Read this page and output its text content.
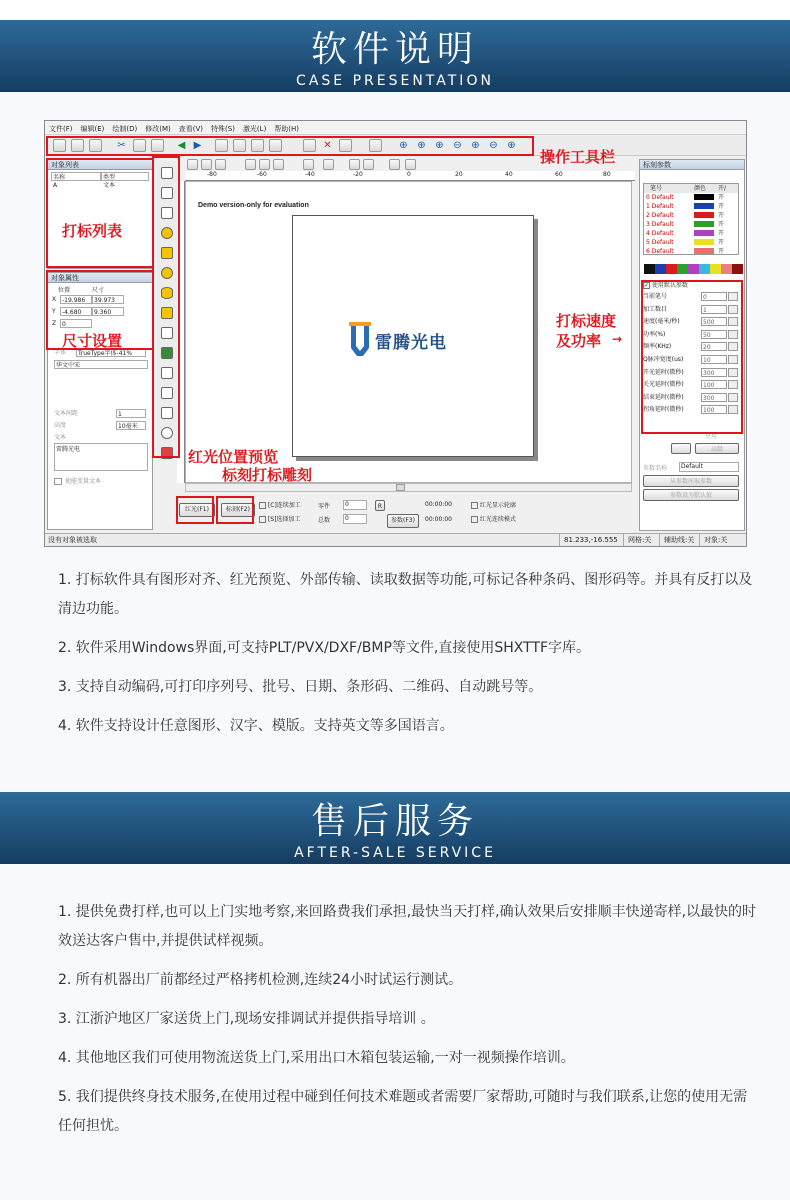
软件说明
CASE PRESENTATION
文件(F) 编辑(E) 绘制(D) 修改(M) 查看(V) 特殊(S) 激光(L) 帮助(H)
✂	◀ ▶	✕	⊕ ⊕ ⊕ ⊖ ⊕ ⊖ ⊕
对象列表
名称	类型
A	文本
对象属性
位置	尺寸
X -19.986	39.973
Y	-4.680	9.360
Z 0
字体	TrueType字体-41%
华文中宋
文本间距	1
高度	10毫米
文本
雷腾光电
使能变量文本
-80	-60	-40	-20	0	20	40	60	80
Demo version-only for evaluation
雷腾光电
红光(F1)	标刻(F2)
[C]连续加工
[S]选择加工
零件
总数
0
0
R	00:00:00
00:00:00
参数(F3)
红光显示轮廓
红光连续模式
标刻参数
笔号	颜色	开/
0 Default	开
1 Default	开
2 Default	开
3 Default	开
4 Default	开
5 Default	开
6 Default	开
✓ 使用默认参数
应用
高级
参数名称	Default
从参数库取参数
参数设为默认值
没有对象被选取	81.233,-16.555	网格:关	辅助线:关	对象:关
当前笔号	0
加工数目	1
速度(毫米/秒)	500
功率(%)	50
频率(KHz)	20
Q脉冲宽度(us)	10
开光延时(微秒)	300
关光延时(微秒)	100
结束延时(微秒)	300
拐角延时(微秒)	100
操作工具栏
打标列表
尺寸设置
打标速度
及功率 →
红光位置预览
标刻打标雕刻
1. 打标软件具有图形对齐、红光预览、外部传输、读取数据等功能,可标记各种条码、图形码等。并具有反打以及清边功能。
2. 软件采用Windows界面,可支持PLT/PVX/DXF/BMP等文件,直接使用SHXTTF字库。
3. 支持自动编码,可打印序列号、批号、日期、条形码、二维码、自动跳号等。
4. 软件支持设计任意图形、汉字、模版。支持英文等多国语言。
售后服务
AFTER-SALE SERVICE
1. 提供免费打样,也可以上门实地考察,来回路费我们承担,最快当天打样,确认效果后安排顺丰快递寄样,以最快的时效送达客户售中,并提供试样视频。
2. 所有机器出厂前都经过严格拷机检测,连续24小时试运行测试。
3. 江浙沪地区厂家送货上门,现场安排调试并提供指导培训 。
4. 其他地区我们可使用物流送货上门,采用出口木箱包装运输,一对一视频操作培训。
5. 我们提供终身技术服务,在使用过程中碰到任何技术难题或者需要厂家帮助,可随时与我们联系,让您的使用无需任何担忧。
